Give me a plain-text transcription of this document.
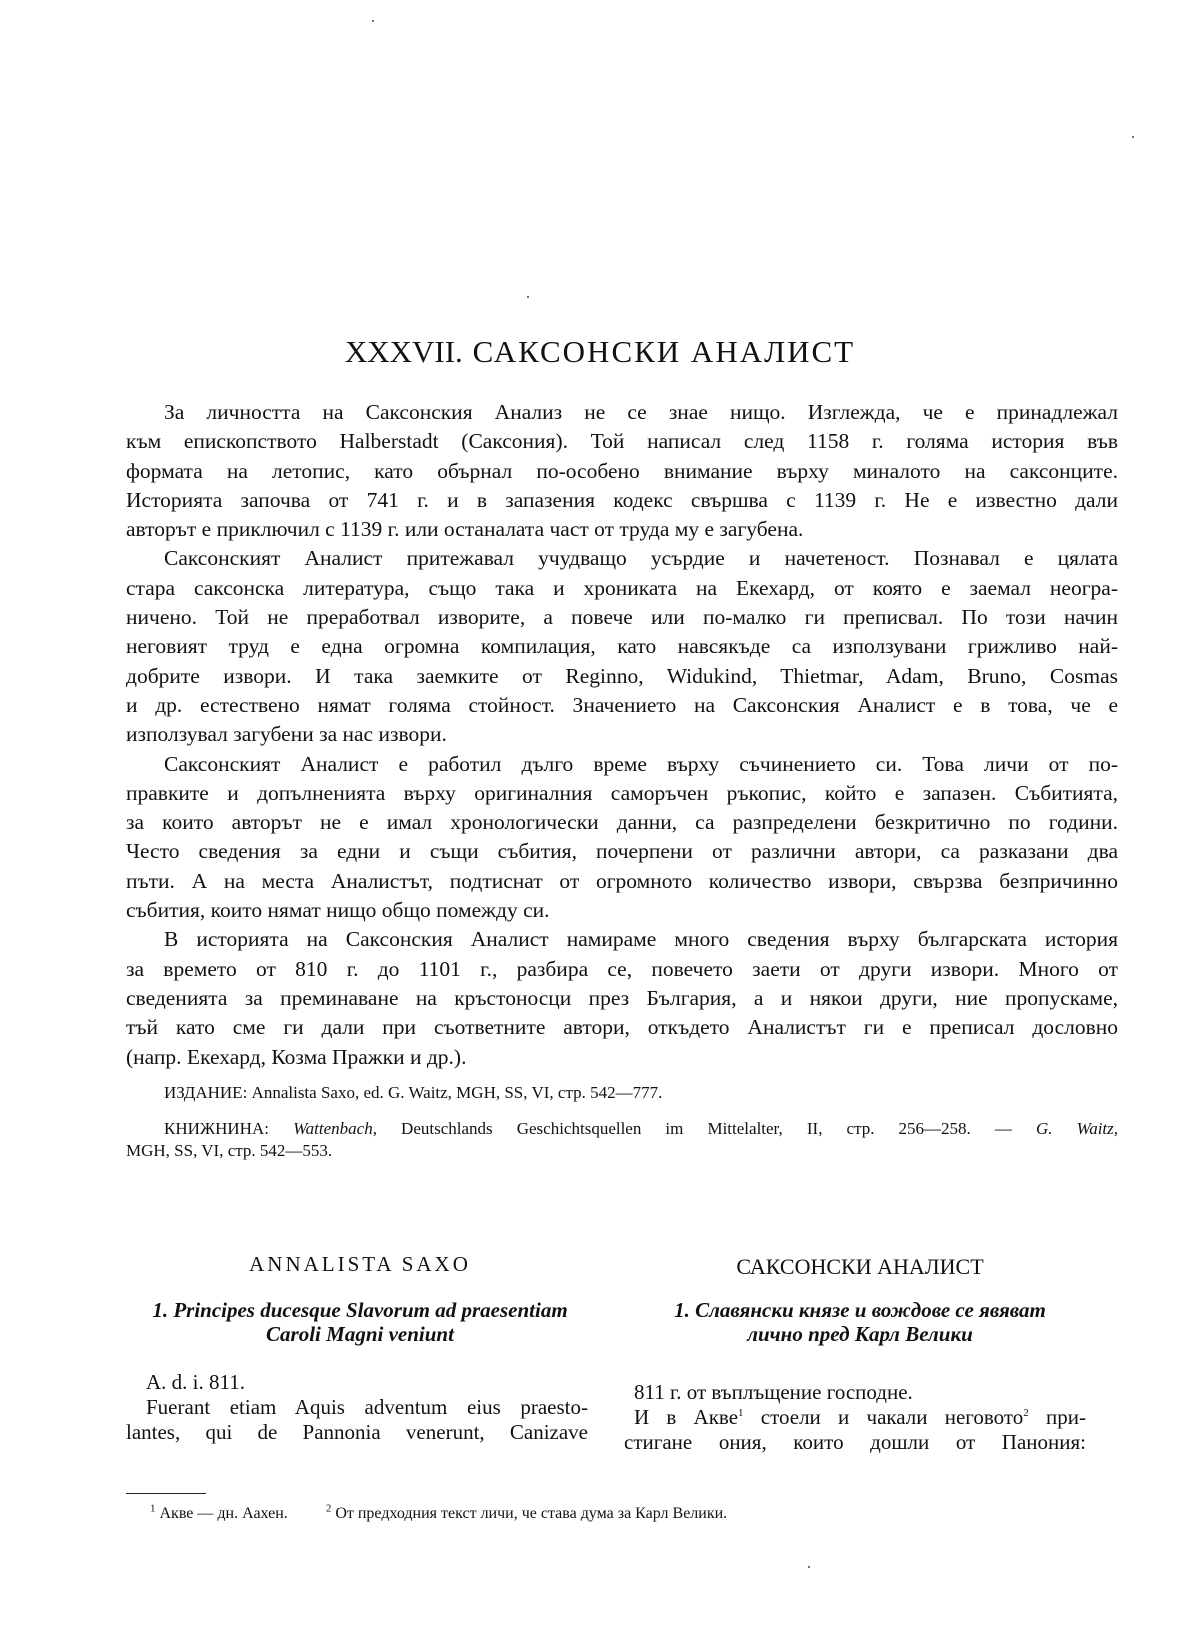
XXXVII. САКСОНСКИ АНАЛИСТ
За личността на Саксонския Анализ не се знае нищо. Изглежда, че е принадлежал
към епископството Halberstadt (Саксония). Той написал след 1158 г. голяма история във
формата на летопис, като обърнал по-особено внимание върху миналото на саксонците.
Историята започва от 741 г. и в запазения кодекс свършва с 1139 г. Не е известно дали
авторът е приключил с 1139 г. или останалата част от труда му е загубена.
Саксонският Аналист притежавал учудващо усърдие и начетеност. Познавал е цялата
стара саксонска литература, също така и хрониката на Екехард, от която е заемал неогра-
ничено. Той не преработвал изворите, а повече или по-малко ги преписвал. По този начин
неговият труд е една огромна компилация, като навсякъде са използувани грижливо най-
добрите извори. И така заемките от Reginno, Widukind, Thietmar, Adam, Bruno, Cosmas
и др. естествено нямат голяма стойност. Значението на Саксонския Аналист е в това, че е
използувал загубени за нас извори.
Саксонският Аналист е работил дълго време върху съчинението си. Това личи от по-
правките и допълненията върху оригиналния саморъчен ръкопис, който е запазен. Събитията,
за които авторът не е имал хронологически данни, са разпределени безкритично по години.
Често сведения за едни и същи събития, почерпени от различни автори, са разказани два
пъти. А на места Аналистът, подтиснат от огромното количество извори, свързва безпричинно
събития, които нямат нищо общо помежду си.
В историята на Саксонския Аналист намираме много сведения върху българската история
за времето от 810 г. до 1101 г., разбира се, повечето заети от други извори. Много от
сведенията за преминаване на кръстоносци през България, а и някои други, ние пропускаме,
тъй като сме ги дали при съответните автори, откъдето Аналистът ги е преписал дословно
(напр. Екехард, Козма Пражки и др.).
ИЗДАНИЕ: Annalista Saxo, ed. G. Waitz, MGH, SS, VI, стр. 542—777.
КНИЖНИНА: Wattenbach, Deutschlands Geschichtsquellen im Mittelalter, II, стр. 256—258. — G. Waitz,
MGH, SS, VI, стр. 542—553.
ANNALISTA SAXO
1. Principes ducesque Slavorum ad praesentiam
Caroli Magni veniunt
A. d. i. 811.
Fuerant etiam Aquis adventum eius praesto-
lantes, qui de Pannonia venerunt, Canizave
САКСОНСКИ АНАЛИСТ
1. Славянски князе и вождове се явяват
лично пред Карл Велики
811 г. от въплъщение господне.
И в Акве$^1$ стоели и чакали неговото$^2$ при-
стигане ония, които дошли от Панония:
$^1$ Акве — дн. Аахен.	$^2$ От предходния текст личи, че става дума за Карл Велики.
